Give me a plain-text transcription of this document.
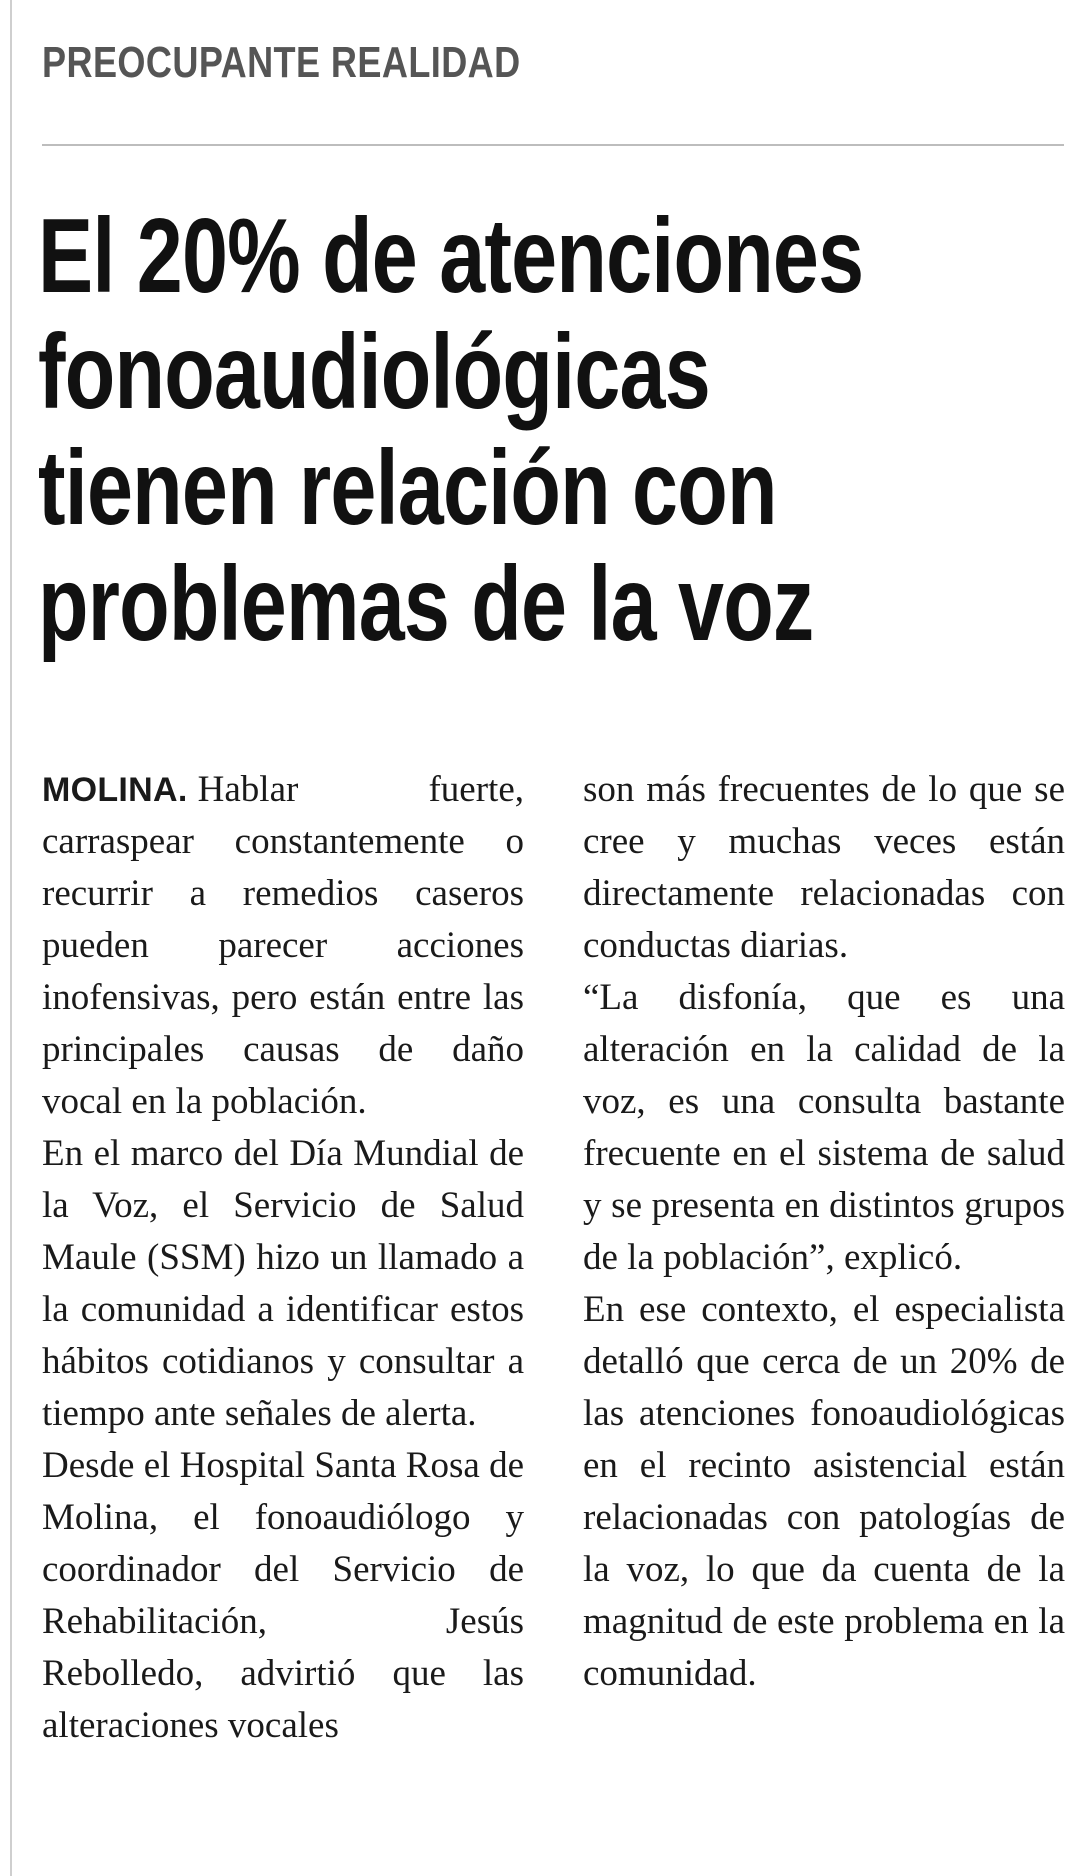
PREOCUPANTE REALIDAD
El 20% de atenciones
fonoaudiológicas
tienen relación con
problemas de la voz

MOLINA. Hablar fuerte, carraspear constantemente o recurrir a remedios caseros pueden parecer acciones inofensivas, pero están entre las principales causas de daño vocal en la población.

En el marco del Día Mundial de la Voz, el Servicio de Salud Maule (SSM) hizo un llamado a la comunidad a identificar estos hábitos cotidianos y consultar a tiempo ante señales de alerta.

Desde el Hospital Santa Rosa de Molina, el fonoaudiólogo y coordinador del Servicio de Rehabilitación, Jesús Rebolledo, advirtió que las alteraciones vocales

son más frecuentes de lo que se cree y muchas veces están directamente relacionadas con conductas diarias.

“La disfonía, que es una alteración en la calidad de la voz, es una consulta bastante frecuente en el sistema de salud y se presenta en distintos grupos de la población”, explicó.

En ese contexto, el especialista detalló que cerca de un 20% de las atenciones fonoaudiológicas en el recinto asistencial están relacionadas con patologías de la voz, lo que da cuenta de la magnitud de este problema en la comunidad.
